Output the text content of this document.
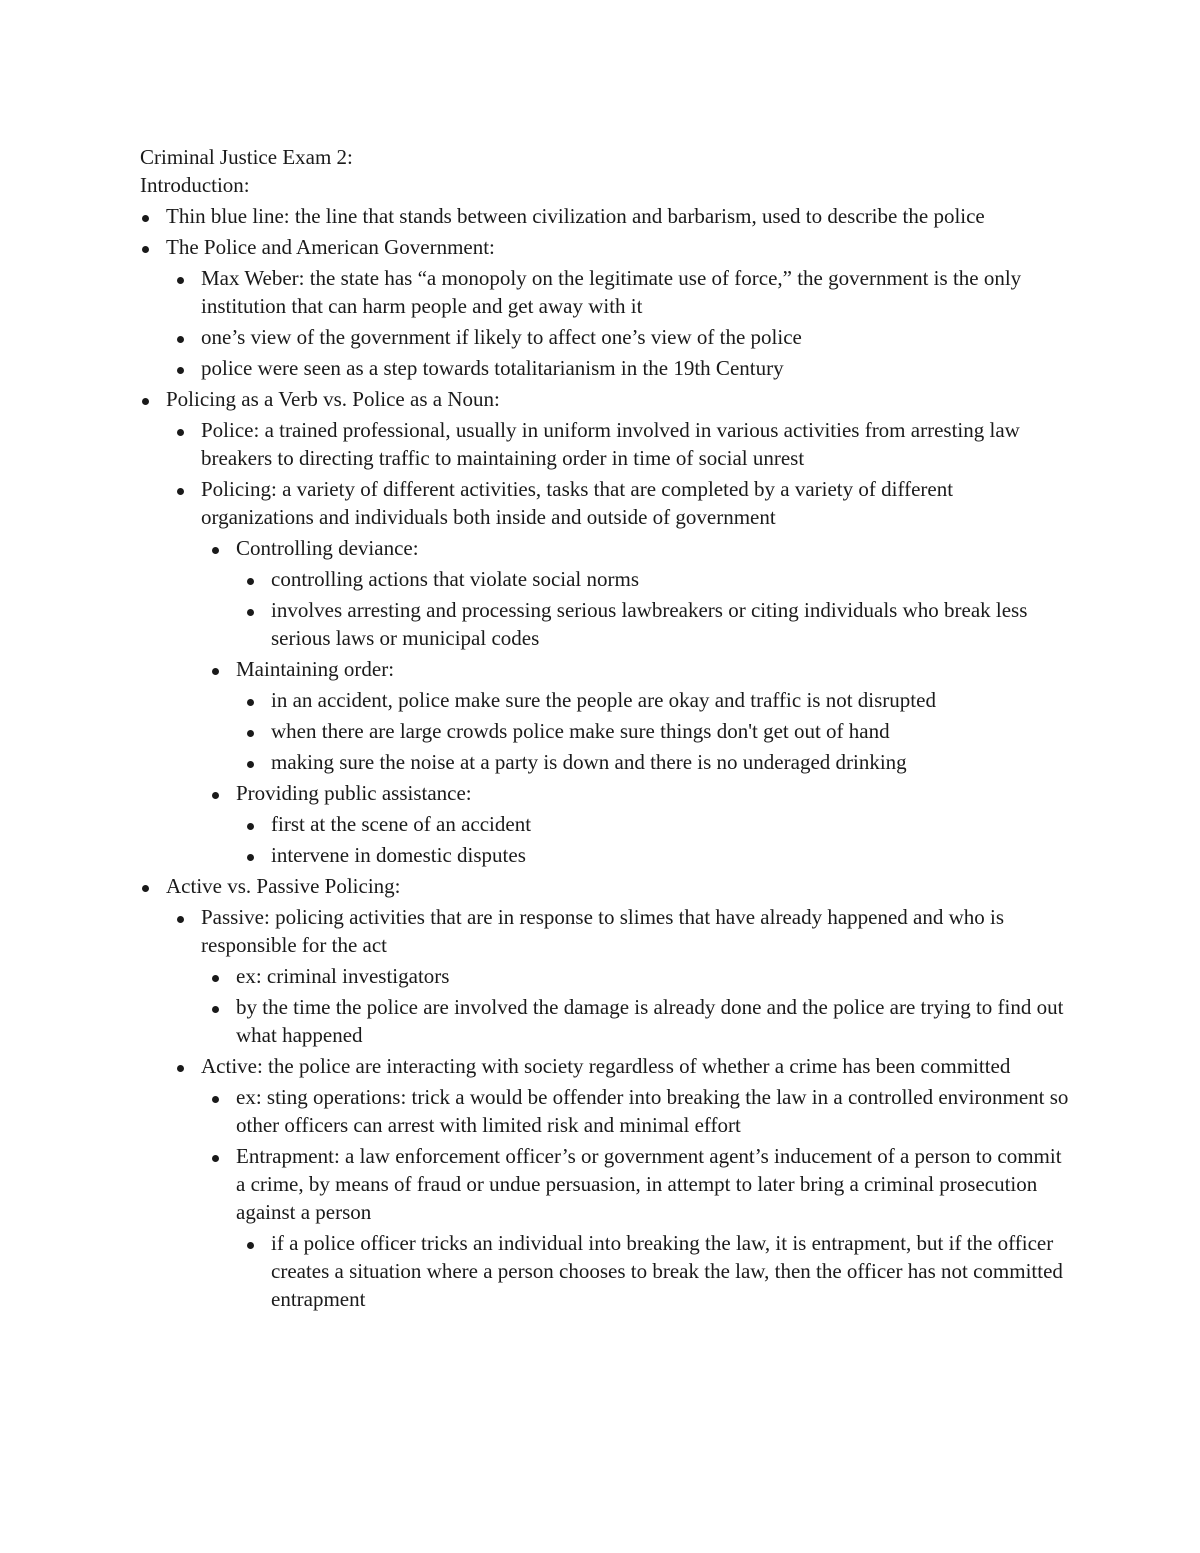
Criminal Justice Exam 2:

Introduction:

Thin blue line: the line that stands between civilization and barbarism, used to describe the police
The Police and American Government:
Max Weber: the state has “a monopoly on the legitimate use of force,” the government is the only institution that can harm people and get away with it
one’s view of the government if likely to affect one’s view of the police
police were seen as a step towards totalitarianism in the 19th Century
Policing as a Verb vs. Police as a Noun:
Police: a trained professional, usually in uniform involved in various activities from arresting law breakers to directing traffic to maintaining order in time of social unrest
Policing: a variety of different activities, tasks that are completed by a variety of different organizations and individuals both inside and outside of government
Controlling deviance:
controlling actions that violate social norms
involves arresting and processing serious lawbreakers or citing individuals who break less serious laws or municipal codes
Maintaining order:
in an accident, police make sure the people are okay and traffic is not disrupted
when there are large crowds police make sure things don't get out of hand
making sure the noise at a party is down and there is no underaged drinking
Providing public assistance:
first at the scene of an accident
intervene in domestic disputes
Active vs. Passive Policing:
Passive: policing activities that are in response to slimes that have already happened and who is responsible for the act
ex: criminal investigators
by the time the police are involved the damage is already done and the police are trying to find out what happened
Active: the police are interacting with society regardless of whether a crime has been committed
ex: sting operations: trick a would be offender into breaking the law in a controlled environment so other officers can arrest with limited risk and minimal effort
Entrapment: a law enforcement officer’s or government agent’s inducement of a person to commit a crime, by means of fraud or undue persuasion, in attempt to later bring a criminal prosecution against a person
if a police officer tricks an individual into breaking the law, it is entrapment, but if the officer creates a situation where a person chooses to break the law, then the officer has not committed entrapment
